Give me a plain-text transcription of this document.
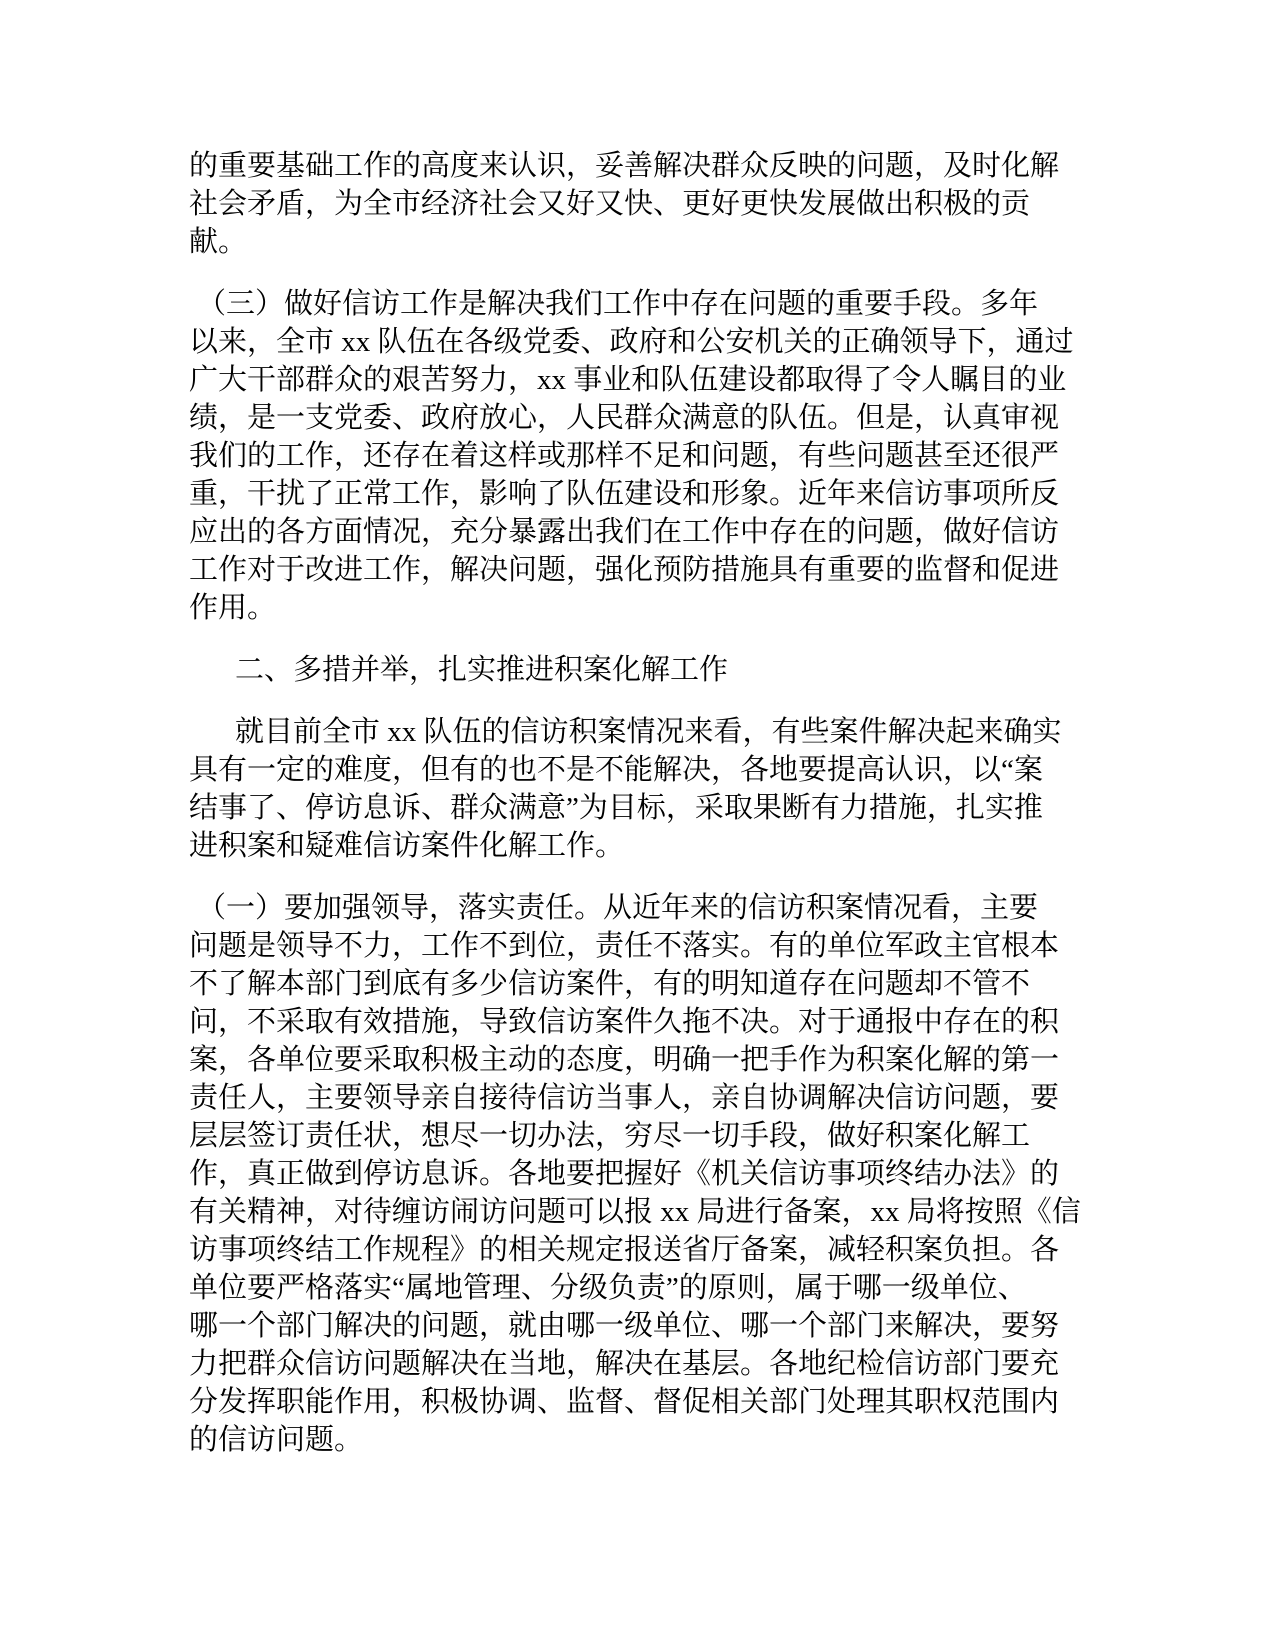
的重要基础工作的高度来认识，妥善解决群众反映的问题，及时化解
社会矛盾，为全市经济社会又好又快、更好更快发展做出积极的贡
献。
（三）做好信访工作是解决我们工作中存在问题的重要手段。多年
以来，全市 xx 队伍在各级党委、政府和公安机关的正确领导下，通过
广大干部群众的艰苦努力，xx 事业和队伍建设都取得了令人瞩目的业
绩，是一支党委、政府放心，人民群众满意的队伍。但是，认真审视
我们的工作，还存在着这样或那样不足和问题，有些问题甚至还很严
重，干扰了正常工作，影响了队伍建设和形象。近年来信访事项所反
应出的各方面情况，充分暴露出我们在工作中存在的问题，做好信访
工作对于改进工作，解决问题，强化预防措施具有重要的监督和促进
作用。
二、多措并举，扎实推进积案化解工作
就目前全市 xx 队伍的信访积案情况来看，有些案件解决起来确实
具有一定的难度，但有的也不是不能解决，各地要提高认识，以“案
结事了、停访息诉、群众满意”为目标，采取果断有力措施，扎实推
进积案和疑难信访案件化解工作。
（一）要加强领导，落实责任。从近年来的信访积案情况看，主要
问题是领导不力，工作不到位，责任不落实。有的单位军政主官根本
不了解本部门到底有多少信访案件，有的明知道存在问题却不管不
问，不采取有效措施，导致信访案件久拖不决。对于通报中存在的积
案，各单位要采取积极主动的态度，明确一把手作为积案化解的第一
责任人，主要领导亲自接待信访当事人，亲自协调解决信访问题，要
层层签订责任状，想尽一切办法，穷尽一切手段，做好积案化解工
作，真正做到停访息诉。各地要把握好《机关信访事项终结办法》的
有关精神，对待缠访闹访问题可以报 xx 局进行备案，xx 局将按照《信
访事项终结工作规程》的相关规定报送省厅备案，减轻积案负担。各
单位要严格落实“属地管理、分级负责”的原则，属于哪一级单位、
哪一个部门解决的问题，就由哪一级单位、哪一个部门来解决，要努
力把群众信访问题解决在当地，解决在基层。各地纪检信访部门要充
分发挥职能作用，积极协调、监督、督促相关部门处理其职权范围内
的信访问题。
